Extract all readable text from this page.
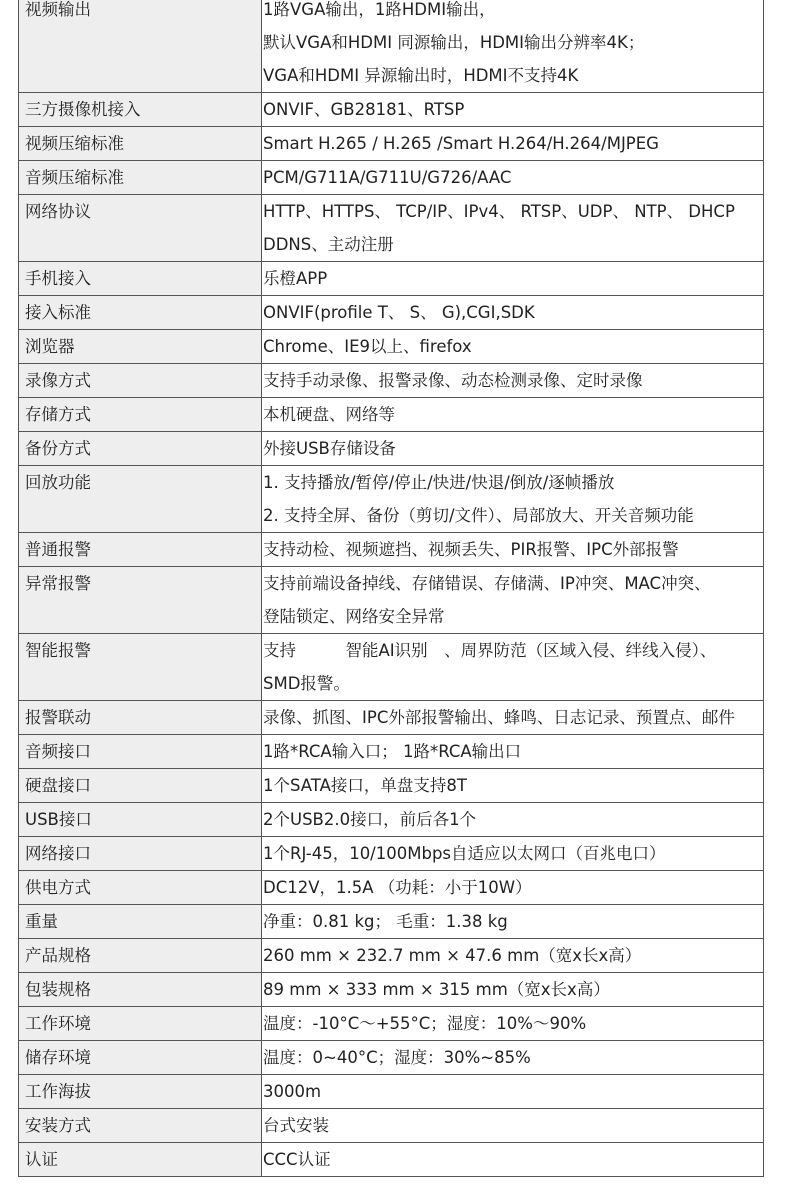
视频输出	1路VGA输出，1路HDMI输出，
默认VGA和HDMI 同源输出，HDMI输出分辨率4K；
VGA和HDMI 异源输出时，HDMI不支持4K

三方摄像机接入	ONVIF、GB28181、RTSP

视频压缩标准	Smart H.265 / H.265 /Smart H.264/H.264/MJPEG

音频压缩标准	PCM/G711A/G711U/G726/AAC

网络协议	HTTP、HTTPS、 TCP/IP、IPv4、 RTSP、UDP、 NTP、 DHCP
DDNS、主动注册

手机接入	乐橙APP

接入标准	ONVIF(profile T、 S、 G),CGI,SDK

浏览器	Chrome、IE9以上、firefox

录像方式	支持手动录像、报警录像、动态检测录像、定时录像

存储方式	本机硬盘、网络等

备份方式	外接USB存储设备

回放功能	1. 支持播放/暂停/停止/快进/快退/倒放/逐帧播放
2. 支持全屏、备份（剪切/文件）、局部放大、开关音频功能

普通报警	支持动检、视频遮挡、视频丢失、PIR报警、IPC外部报警

异常报警	支持前端设备掉线、存储错误、存储满、IP冲突、MAC冲突、
登陆锁定、网络安全异常

智能报警	支持　　　智能AI识别　、周界防范（区域入侵、绊线入侵）、
SMD报警。

报警联动	录像、抓图、IPC外部报警输出、蜂鸣、日志记录、预置点、邮件

音频接口	1路*RCA输入口； 1路*RCA输出口

硬盘接口	1个SATA接口，单盘支持8T

USB接口	2个USB2.0接口，前后各1个

网络接口	1个RJ-45，10/100Mbps自适应以太网口（百兆电口）

供电方式	DC12V，1.5A （功耗：小于10W）

重量	净重：0.81 kg； 毛重：1.38 kg

产品规格	260 mm × 232.7 mm × 47.6 mm（宽x长x高）

包装规格	89 mm × 333 mm × 315 mm（宽x长x高）

工作环境	温度：-10°C～+55°C；湿度：10%～90%

储存环境	温度：0~40°C；湿度：30%~85%

工作海拔	3000m

安装方式	台式安装

认证	CCC认证
